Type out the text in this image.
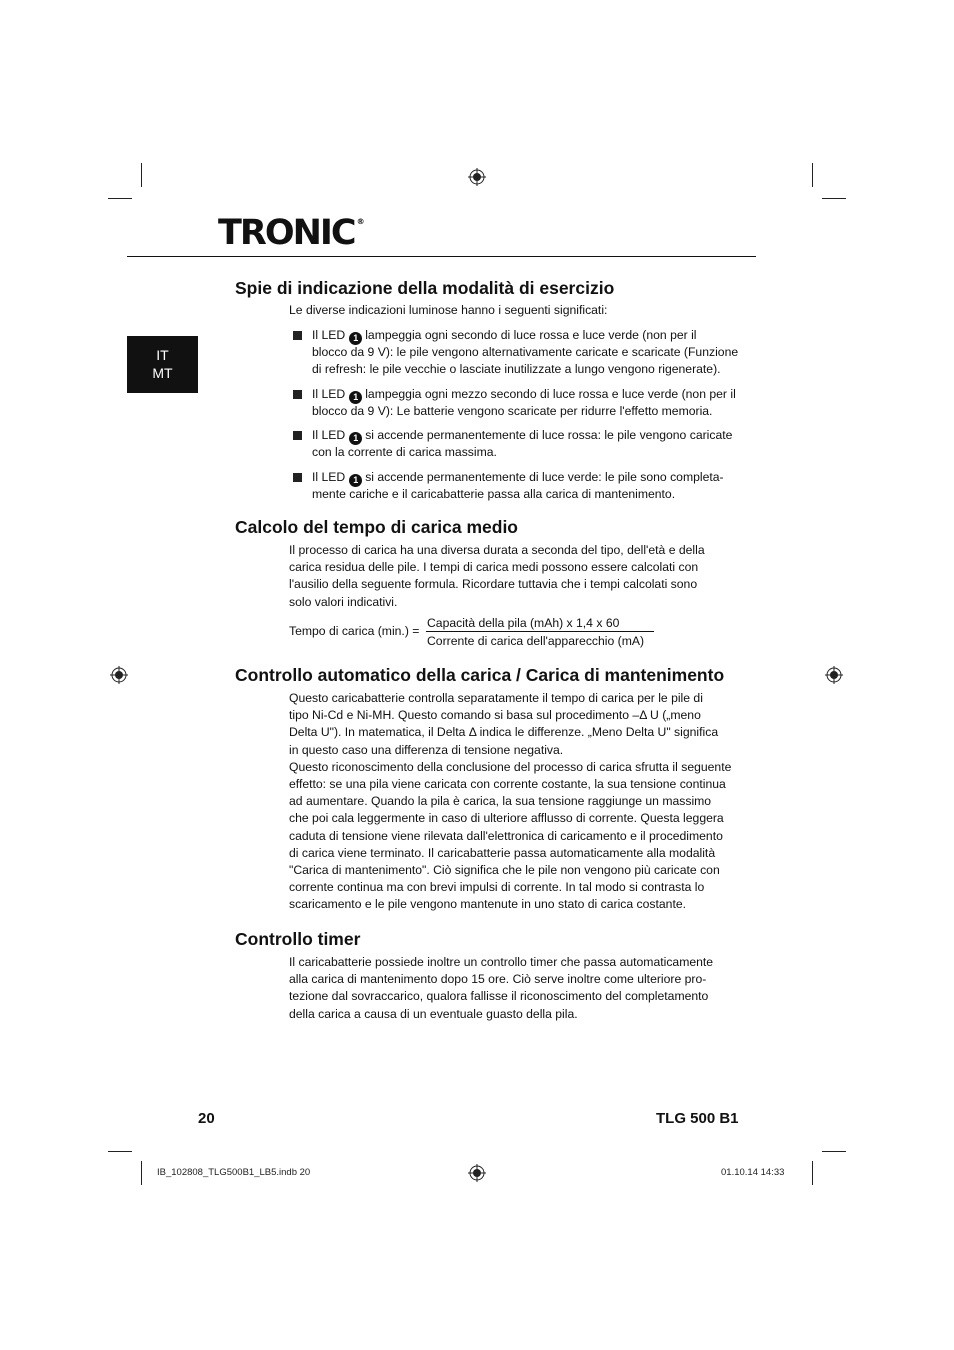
TRONIC ®
IT
MT
Spie di indicazione della modalità di esercizio

Le diverse indicazioni luminose hanno i seguenti significati:

Il LED 1 lampeggia ogni secondo di luce rossa e luce verde (non per il
blocco da 9 V): le pile vengono alternativamente caricate e scaricate (Funzione
di refresh: le pile vecchie o lasciate inutilizzate a lungo vengono rigenerate).
Il LED 1 lampeggia ogni mezzo secondo di luce rossa e luce verde (non per il
blocco da 9 V): Le batterie vengono scaricate per ridurre l'effetto memoria.
Il LED 1 si accende permanentemente di luce rossa: le pile vengono caricate
con la corrente di carica massima.
Il LED 1 si accende permanentemente di luce verde: le pile sono completa-
mente cariche e il caricabatterie passa alla carica di mantenimento.
Calcolo del tempo di carica medio

Il processo di carica ha una diversa durata a seconda del tipo, dell'età e della
carica residua delle pile. I tempi di carica medi possono essere calcolati con
l'ausilio della seguente formula. Ricordare tuttavia che i tempi calcolati sono
solo valori indicativi.

Tempo di carica (min.) =
Capacità della pila (mAh) x 1,4 x 60
Corrente di carica dell'apparecchio (mA)
Controllo automatico della carica / Carica di mantenimento

Questo caricabatterie controlla separatamente il tempo di carica per le pile di
tipo Ni-Cd e Ni-MH. Questo comando si basa sul procedimento –Δ U („meno
Delta U"). In matematica, il Delta Δ indica le differenze. „Meno Delta U" significa
in questo caso una differenza di tensione negativa.
Questo riconoscimento della conclusione del processo di carica sfrutta il seguente
effetto: se una pila viene caricata con corrente costante, la sua tensione continua
ad aumentare. Quando la pila è carica, la sua tensione raggiunge un massimo
che poi cala leggermente in caso di ulteriore afflusso di corrente. Questa leggera
caduta di tensione viene rilevata dall'elettronica di caricamento e il procedimento
di carica viene terminato. Il caricabatterie passa automaticamente alla modalità
"Carica di mantenimento". Ciò significa che le pile non vengono più caricate con
corrente continua ma con brevi impulsi di corrente. In tal modo si contrasta lo
scaricamento e le pile vengono mantenute in uno stato di carica costante.

Controllo timer

Il caricabatterie possiede inoltre un controllo timer che passa automaticamente
alla carica di mantenimento dopo 15 ore. Ciò serve inoltre come ulteriore pro-
tezione dal sovraccarico, qualora fallisse il riconoscimento del completamento
della carica a causa di un eventuale guasto della pila.

20	TLG 500 B1
IB_102808_TLG500B1_LB5.indb 20	01.10.14 14:33
